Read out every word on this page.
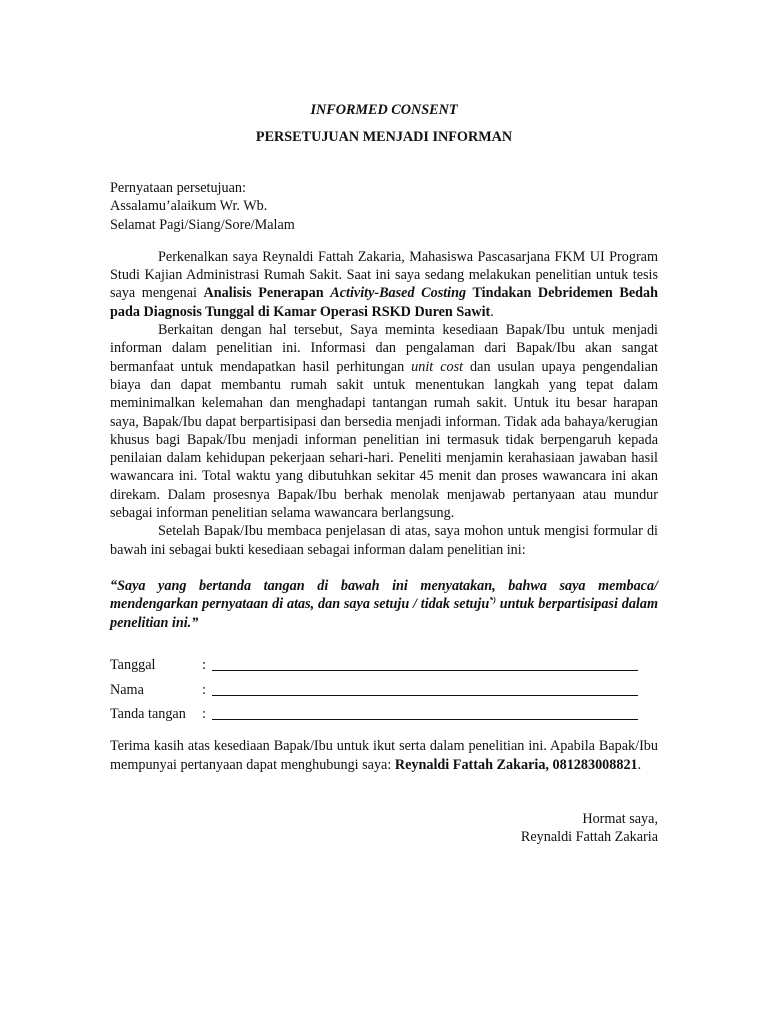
INFORMED CONSENT
PERSETUJUAN MENJADI INFORMAN
Pernyataan persetujuan:
Assalamu’alaikum Wr. Wb.
Selamat Pagi/Siang/Sore/Malam

Perkenalkan saya Reynaldi Fattah Zakaria, Mahasiswa Pascasarjana FKM UI Program Studi Kajian Administrasi Rumah Sakit. Saat ini saya sedang melakukan penelitian untuk tesis saya mengenai Analisis Penerapan Activity-Based Costing Tindakan Debridemen Bedah pada Diagnosis Tunggal di Kamar Operasi RSKD Duren Sawit.

Berkaitan dengan hal tersebut, Saya meminta kesediaan Bapak/Ibu untuk menjadi informan dalam penelitian ini. Informasi dan pengalaman dari Bapak/Ibu akan sangat bermanfaat untuk mendapatkan hasil perhitungan unit cost dan usulan upaya pengendalian biaya dan dapat membantu rumah sakit untuk menentukan langkah yang tepat dalam meminimalkan kelemahan dan menghadapi tantangan rumah sakit. Untuk itu besar harapan saya, Bapak/Ibu dapat berpartisipasi dan bersedia menjadi informan. Tidak ada bahaya/kerugian khusus bagi Bapak/Ibu menjadi informan penelitian ini termasuk tidak berpengaruh kepada penilaian dalam kehidupan pekerjaan sehari-hari. Peneliti menjamin kerahasiaan jawaban hasil wawancara ini. Total waktu yang dibutuhkan sekitar 45 menit dan proses wawancara ini akan direkam. Dalam prosesnya Bapak/Ibu berhak menolak menjawab pertanyaan atau mundur sebagai informan penelitian selama wawancara berlangsung.

Setelah Bapak/Ibu membaca penjelasan di atas, saya mohon untuk mengisi formular di bawah ini sebagai bukti kesediaan sebagai informan dalam penelitian ini:

“Saya yang bertanda tangan di bawah ini menyatakan, bahwa saya membaca/ mendengarkan pernyataan di atas, dan saya setuju / tidak setuju*) untuk berpartisipasi dalam penelitian ini.”
Tanggal	:
Nama	:
Tanda tangan	:

Terima kasih atas kesediaan Bapak/Ibu untuk ikut serta dalam penelitian ini. Apabila Bapak/Ibu mempunyai pertanyaan dapat menghubungi saya: Reynaldi Fattah Zakaria, 081283008821.

Hormat saya,
Reynaldi Fattah Zakaria
